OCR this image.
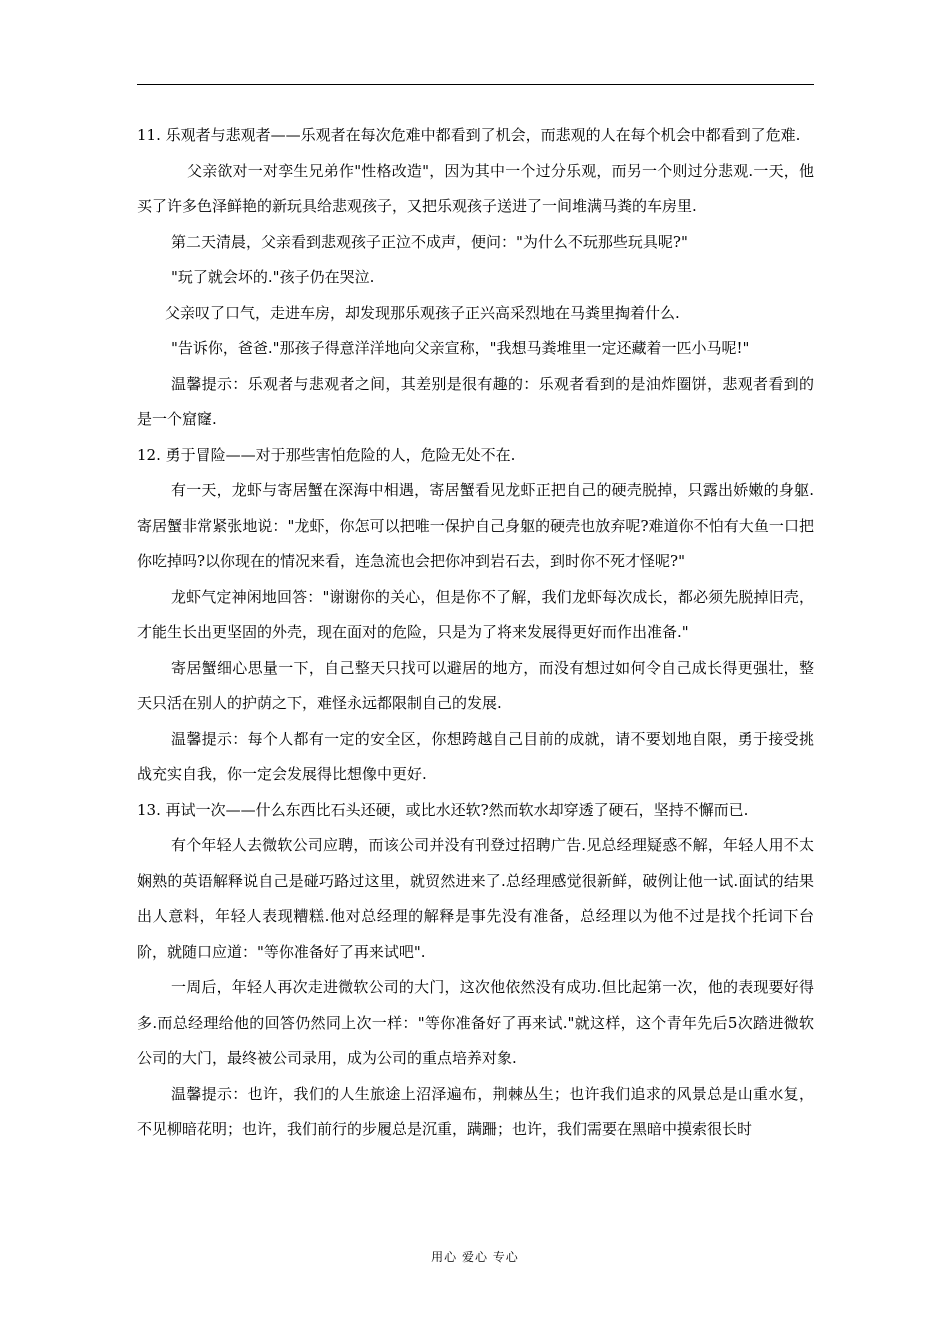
11. 乐观者与悲观者——乐观者在每次危难中都看到了机会，而悲观的人在每个机会中都看到了危难.

父亲欲对一对孪生兄弟作"性格改造"，因为其中一个过分乐观，而另一个则过分悲观.一天，他买了许多色泽鲜艳的新玩具给悲观孩子，又把乐观孩子送进了一间堆满马粪的车房里.

第二天清晨，父亲看到悲观孩子正泣不成声，便问："为什么不玩那些玩具呢?"

"玩了就会坏的."孩子仍在哭泣.

父亲叹了口气，走进车房，却发现那乐观孩子正兴高采烈地在马粪里掏着什么.

"告诉你，爸爸."那孩子得意洋洋地向父亲宣称，"我想马粪堆里一定还藏着一匹小马呢!"

温馨提示：乐观者与悲观者之间，其差别是很有趣的：乐观者看到的是油炸圈饼，悲观者看到的是一个窟窿.

12. 勇于冒险——对于那些害怕危险的人，危险无处不在.

有一天，龙虾与寄居蟹在深海中相遇，寄居蟹看见龙虾正把自己的硬壳脱掉，只露出娇嫩的身躯.寄居蟹非常紧张地说："龙虾，你怎可以把唯一保护自己身躯的硬壳也放弃呢?难道你不怕有大鱼一口把你吃掉吗?以你现在的情况来看，连急流也会把你冲到岩石去，到时你不死才怪呢?"

龙虾气定神闲地回答："谢谢你的关心，但是你不了解，我们龙虾每次成长，都必须先脱掉旧壳，才能生长出更坚固的外壳，现在面对的危险，只是为了将来发展得更好而作出准备."

寄居蟹细心思量一下，自己整天只找可以避居的地方，而没有想过如何令自己成长得更强壮，整天只活在别人的护荫之下，难怪永远都限制自己的发展.

温馨提示：每个人都有一定的安全区，你想跨越自己目前的成就，请不要划地自限，勇于接受挑战充实自我，你一定会发展得比想像中更好.

13. 再试一次——什么东西比石头还硬，或比水还软?然而软水却穿透了硬石，坚持不懈而已.

有个年轻人去微软公司应聘，而该公司并没有刊登过招聘广告.见总经理疑惑不解，年轻人用不太娴熟的英语解释说自己是碰巧路过这里，就贸然进来了.总经理感觉很新鲜，破例让他一试.面试的结果出人意料，年轻人表现糟糕.他对总经理的解释是事先没有准备，总经理以为他不过是找个托词下台阶，就随口应道："等你准备好了再来试吧".

一周后，年轻人再次走进微软公司的大门，这次他依然没有成功.但比起第一次，他的表现要好得多.而总经理给他的回答仍然同上次一样："等你准备好了再来试."就这样，这个青年先后5次踏进微软公司的大门，最终被公司录用，成为公司的重点培养对象.

温馨提示：也许，我们的人生旅途上沼泽遍布，荆棘丛生；也许我们追求的风景总是山重水复，不见柳暗花明；也许，我们前行的步履总是沉重，蹒跚；也许，我们需要在黑暗中摸索很长时

用心 爱心 专心
